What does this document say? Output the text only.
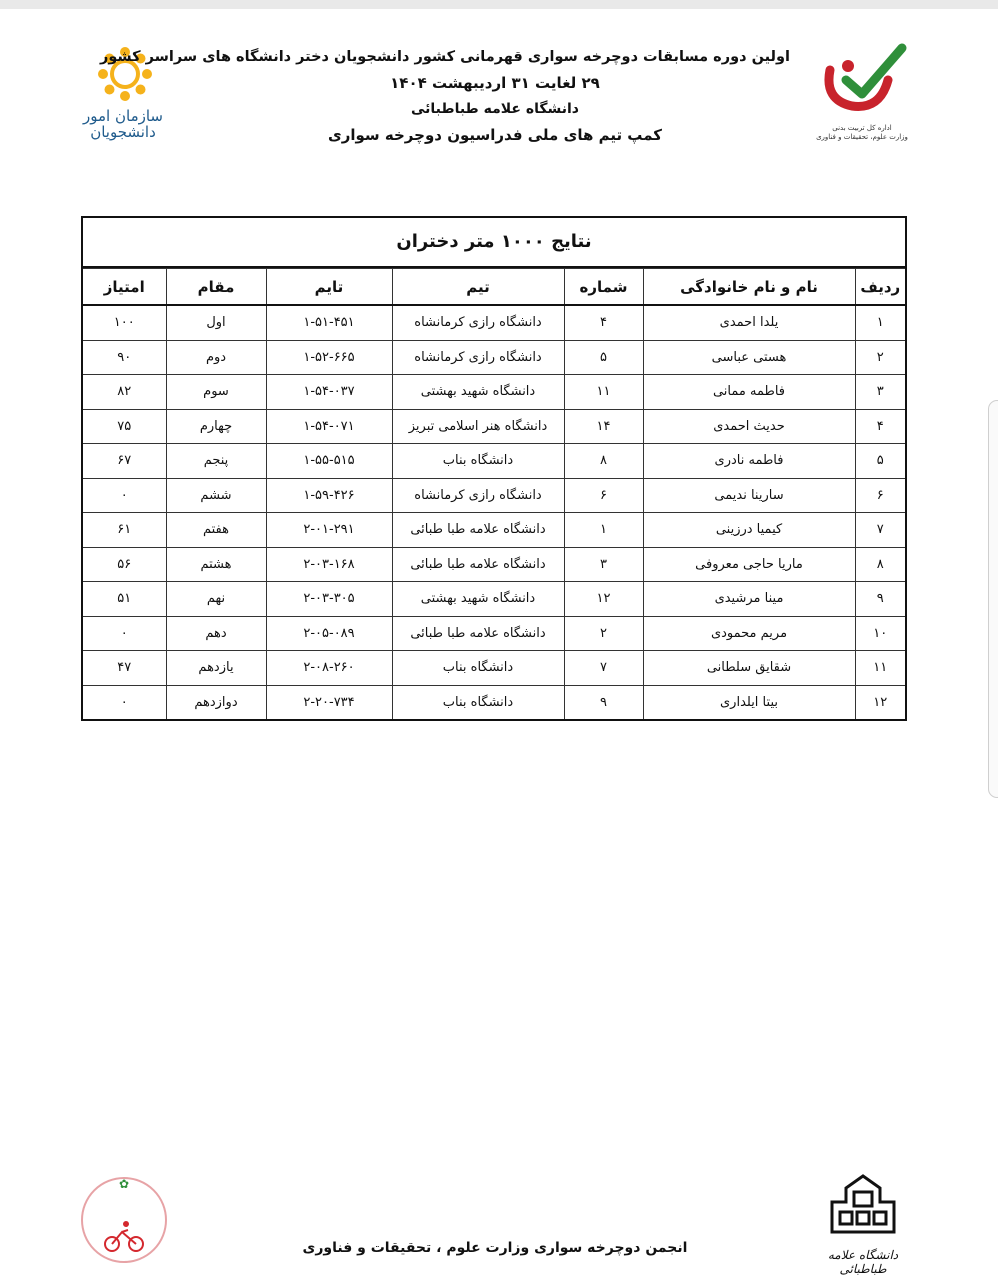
سازمان امور دانشجویان	اداره کل تربیت بدنی
وزارت علوم، تحقیقات و فناوری
اولین دوره مسابقات دوچرخه سواری قهرمانی کشور دانشجویان دختر دانشگاه های سراسر کشور
۲۹ لغایت ۳۱ اردیبهشت ۱۴۰۴
دانشگاه علامه طباطبائی
کمپ تیم های ملی فدراسیون دوچرخه سواری
نتایج ۱۰۰۰ متر دختران
ردیف	نام و نام خانوادگی	شماره	تیم	تایم	مقام	امتیاز
۱	یلدا احمدی	۴	دانشگاه رازی کرمانشاه	۱-۵۱-۴۵۱	اول	۱۰۰
۲	هستی عباسی	۵	دانشگاه رازی کرمانشاه	۱-۵۲-۶۶۵	دوم	۹۰
۳	فاطمه ممانی	۱۱	دانشگاه شهید بهشتی	۱-۵۴-۰۳۷	سوم	۸۲
۴	حدیث احمدی	۱۴	دانشگاه هنر اسلامی تبریز	۱-۵۴-۰۷۱	چهارم	۷۵
۵	فاطمه نادری	۸	دانشگاه بناب	۱-۵۵-۵۱۵	پنجم	۶۷
۶	سارینا ندیمی	۶	دانشگاه رازی کرمانشاه	۱-۵۹-۴۲۶	ششم	۰
۷	کیمیا درزینی	۱	دانشگاه علامه طبا طبائی	۲-۰۱-۲۹۱	هفتم	۶۱
۸	ماریا حاجی معروفی	۳	دانشگاه علامه طبا طبائی	۲-۰۳-۱۶۸	هشتم	۵۶
۹	مینا مرشیدی	۱۲	دانشگاه شهید بهشتی	۲-۰۳-۳۰۵	نهم	۵۱
۱۰	مریم محمودی	۲	دانشگاه علامه طبا طبائی	۲-۰۵-۰۸۹	دهم	۰
۱۱	شقایق سلطانی	۷	دانشگاه بناب	۲-۰۸-۲۶۰	یازدهم	۴۷
۱۲	بیتا ایلداری	۹	دانشگاه بناب	۲-۲۰-۷۳۴	دوازدهم	۰
✿
انجمن دوچرخه سواری وزارت علوم ، تحقیقات و فناوری	دانشگاه علامه طباطبائی
